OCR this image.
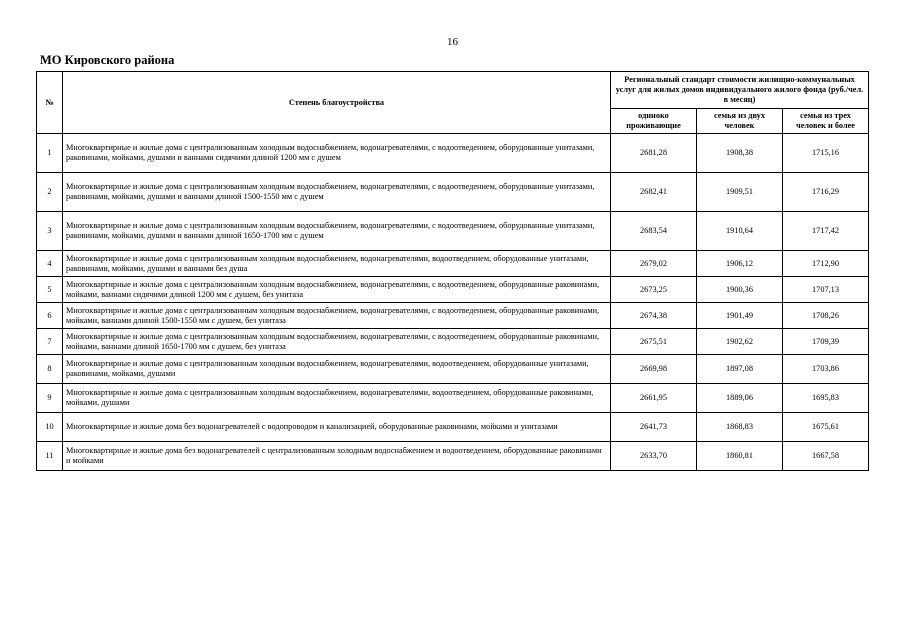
16
МО Кировского района
№	Степень благоустройства	Региональный стандарт стоимости жилищно-коммунальных услуг для жилых домов индивидуального жилого фонда (руб./чел. в месяц)		
		одиноко проживающие	семья из двух человек	семья из трех человек и более
1	Многоквартирные и жилые дома с централизованным холодным водоснабжением, водонагревателями, с водоотведением, оборудованные унитазами, раковинами, мойками, душами и ваннами сидячими длиной 1200 мм с душем	2681,28	1908,38	1715,16
2	Многоквартирные и жилые дома с централизованным холодным водоснабжением, водонагревателями, с водоотведением, оборудованные унитазами, раковинами, мойками, душами и ваннами длиной 1500-1550 мм с душем	2682,41	1909,51	1716,29
3	Многоквартирные и жилые дома с централизованным холодным водоснабжением, водонагревателями, с водоотведением, оборудованные унитазами, раковинами, мойками, душами и ваннами длиной 1650-1700 мм с душем	2683,54	1910,64	1717,42
4	Многоквартирные и жилые дома с централизованным холодным водоснабжением, водонагревателями, водоотведением, оборудованные унитазами, раковинами, мойками, душами и ваннами без душа	2679,02	1906,12	1712,90
5	Многоквартирные и жилые дома с централизованным холодным водоснабжением, водонагревателями, с водоотведением, оборудованные раковинами, мойками, ваннами сидячими длиной 1200 мм с душем, без унитаза	2673,25	1900,36	1707,13
6	Многоквартирные и жилые дома с централизованным холодным водоснабжением, водонагревателями, с водоотведением, оборудованные раковинами, мойками, ваннами длиной 1500-1550 мм с душем, без унитаза	2674,38	1901,49	1708,26
7	Многоквартирные и жилые дома с централизованным холодным водоснабжением, водонагревателями, с водоотведением, оборудованные раковинами, мойками, ваннами длиной 1650-1700 мм с душем, без унитаза	2675,51	1902,62	1709,39
8	Многоквартирные и жилые дома с централизованным холодным водоснабжением, водонагревателями, водоотведением, оборудованные унитазами, раковинами, мойками, душами	2669,98	1897,08	1703,86
9	Многоквартирные и жилые дома с централизованным холодным водоснабжением, водонагревателями, водоотведением, оборудованные раковинами, мойками, душами	2661,95	1889,06	1695,83
10	Многоквартирные и жилые дома без водонагревателей с водопроводом и канализацией, оборудованные раковинами, мойками и унитазами	2641,73	1868,83	1675,61
11	Многоквартирные и жилые дома без водонагревателей с централизованным холодным водоснабжением и водоотведением, оборудованные раковинами и мойками	2633,70	1860,81	1667,58
